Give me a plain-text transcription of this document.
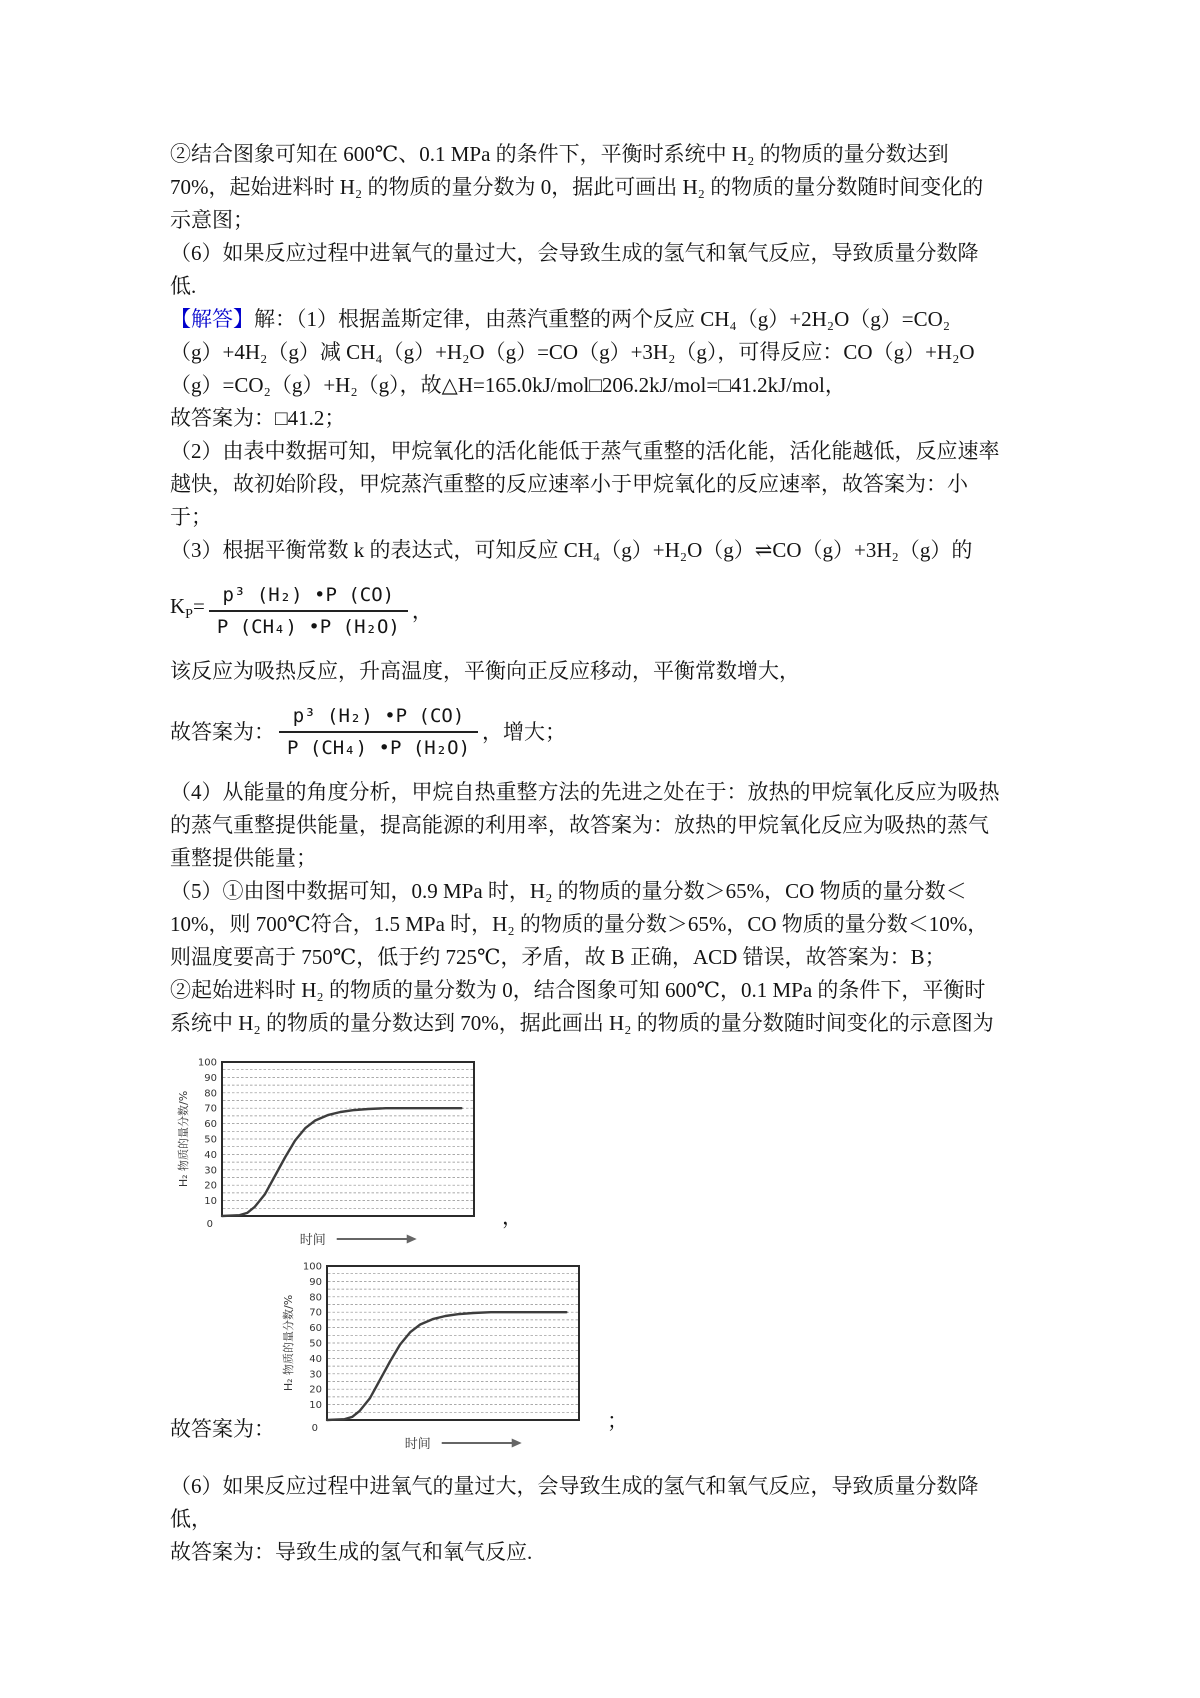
②结合图象可知在 600℃、0.1 MPa 的条件下，平衡时系统中 H₂ 的物质的量分数达到
70%，起始进料时 H₂ 的物质的量分数为 0，据此可画出 H₂ 的物质的量分数随时间变化的
示意图；
（6）如果反应过程中进氧气的量过大，会导致生成的氢气和氧气反应，导致质量分数降
低.
【解答】解：（1）根据盖斯定律，由蒸汽重整的两个反应 CH₄（g）+2H₂O（g）=CO₂
（g）+4H₂（g）减 CH₄（g）+H₂O（g）=CO（g）+3H₂（g），可得反应：CO（g）+H₂O
（g）=CO₂（g）+H₂（g），故△H=165.0kJ/mol□206.2kJ/mol=□41.2kJ/mol，
故答案为：□41.2；
（2）由表中数据可知，甲烷氧化的活化能低于蒸气重整的活化能，活化能越低，反应速率
越快，故初始阶段，甲烷蒸汽重整的反应速率小于甲烷氧化的反应速率，故答案为：小
于；
（3）根据平衡常数 k 的表达式，可知反应 CH₄（g）+H₂O（g）⇌CO（g）+3H₂（g）的
$K_P= \frac{\text{p³ (H₂) •P (CO)}}{\text{P (CH₄) •P (H₂O)}}$ ，
该反应为吸热反应，升高温度，平衡向正反应移动，平衡常数增大，
故答案为： $\frac{\text{p³ (H₂) •P (CO)}}{\text{P (CH₄) •P (H₂O)}}$ ，增大；
（4）从能量的角度分析，甲烷自热重整方法的先进之处在于：放热的甲烷氧化反应为吸热
的蒸气重整提供能量，提高能源的利用率，故答案为：放热的甲烷氧化反应为吸热的蒸气
重整提供能量；
（5）①由图中数据可知，0.9 MPa 时，H₂ 的物质的量分数＞65%，CO 物质的量分数＜
10%，则 700℃符合，1.5 MPa 时，H₂ 的物质的量分数＞65%，CO 物质的量分数＜10%，
则温度要高于 750℃，低于约 725℃，矛盾，故 B 正确，ACD 错误，故答案为：B；
②起始进料时 H₂ 的物质的量分数为 0，结合图象可知 600℃，0.1 MPa 的条件下，平衡时
系统中 H₂ 的物质的量分数达到 70%，据此画出 H₂ 的物质的量分数随时间变化的示意图为
10
20
30
40
50
60
70
80
90
100
0
H₂ 物质的量分数/%
时间
，
故答案为：
10
20
30
40
50
60
70
80
90
100
0
H₂ 物质的量分数/%
时间
；
（6）如果反应过程中进氧气的量过大，会导致生成的氢气和氧气反应，导致质量分数降
低，
故答案为：导致生成的氢气和氧气反应.
